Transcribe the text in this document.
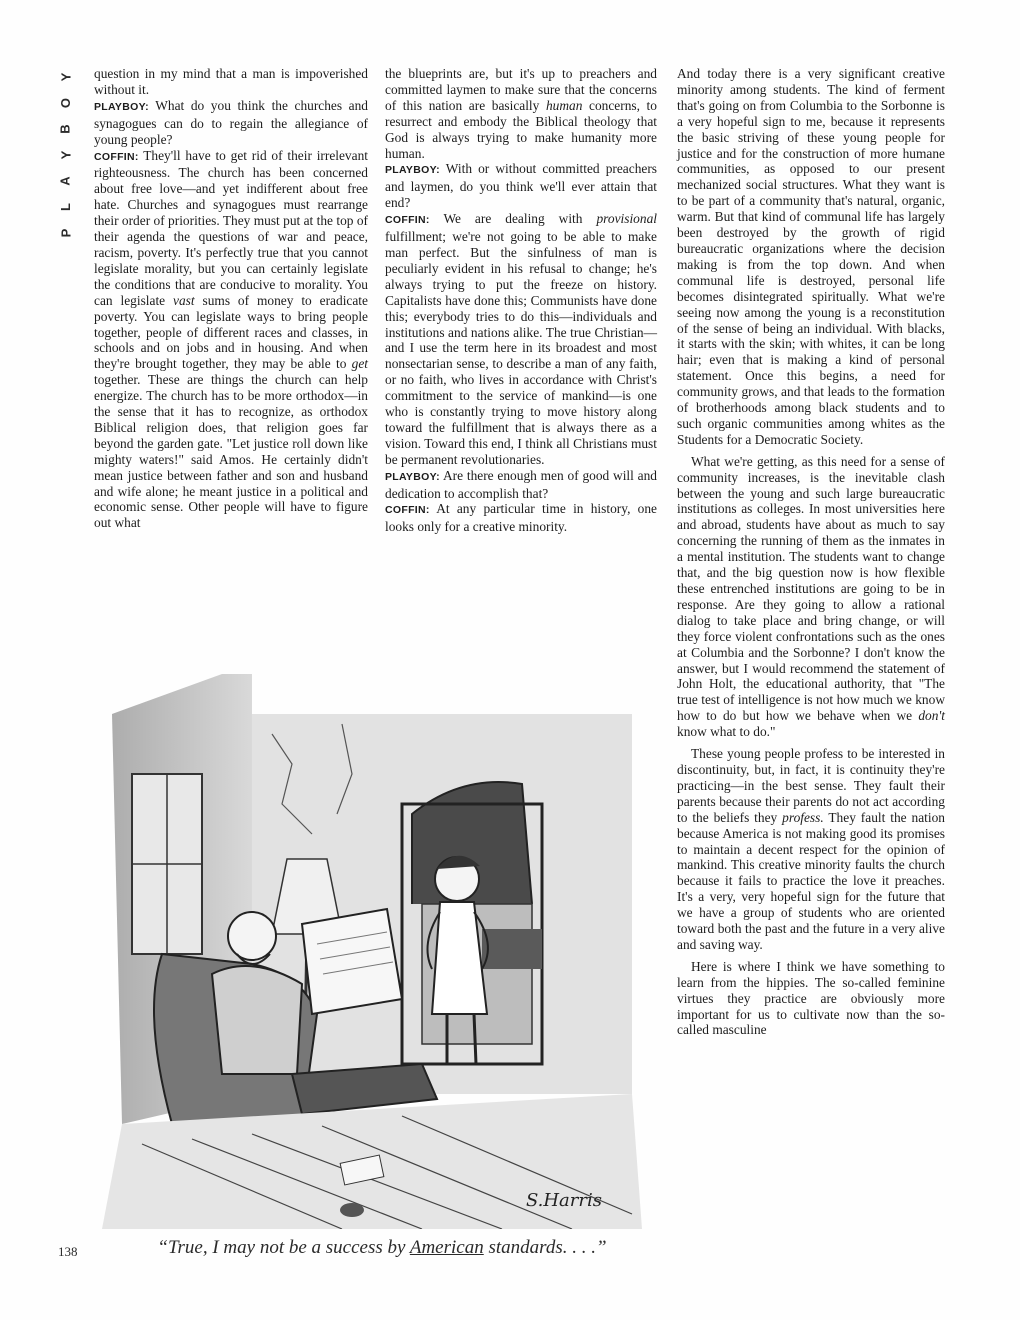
Y
O
B
Y
A
L
P

question in my mind that a man is impoverished without it.

PLAYBOY: What do you think the churches and synagogues can do to regain the allegiance of young people?

COFFIN: They'll have to get rid of their irrelevant righteousness. The church has been concerned about free love—and yet indifferent about free hate. Churches and synagogues must rearrange their order of priorities. They must put at the top of their agenda the questions of war and peace, racism, poverty. It's perfectly true that you cannot legislate morality, but you can certainly legislate the conditions that are conducive to morality. You can legislate vast sums of money to eradicate poverty. You can legislate ways to bring people together, people of different races and classes, in schools and on jobs and in housing. And when they're brought together, they may be able to get together. These are things the church can help energize. The church has to be more orthodox—in the sense that it has to recognize, as orthodox Biblical religion does, that religion goes far beyond the garden gate. "Let justice roll down like mighty waters!" said Amos. He certainly didn't mean justice between father and son and husband and wife alone; he meant justice in a political and economic sense. Other people will have to figure out what

the blueprints are, but it's up to preachers and committed laymen to make sure that the concerns of this nation are basically human concerns, to resurrect and embody the Biblical theology that God is always trying to make humanity more human.

PLAYBOY: With or without committed preachers and laymen, do you think we'll ever attain that end?

COFFIN: We are dealing with provisional fulfillment; we're not going to be able to make man perfect. But the sinfulness of man is peculiarly evident in his refusal to change; he's always trying to put the freeze on history. Capitalists have done this; Communists have done this; everybody tries to do this—individuals and institutions and nations alike. The true Christian—and I use the term here in its broadest and most nonsectarian sense, to describe a man of any faith, or no faith, who lives in accordance with Christ's commitment to the service of mankind—is one who is constantly trying to move history along toward the fulfillment that is always there as a vision. Toward this end, I think all Christians must be permanent revolutionaries.

PLAYBOY: Are there enough men of good will and dedication to accomplish that?

COFFIN: At any particular time in history, one looks only for a creative minority.

And today there is a very significant creative minority among students. The kind of ferment that's going on from Columbia to the Sorbonne is a very hopeful sign to me, because it represents the basic striving of these young people for justice and for the construction of more humane communities, as opposed to our present mechanized social structures. What they want is to be part of a community that's natural, organic, warm. But that kind of communal life has largely been destroyed by the growth of rigid bureaucratic organizations where the decision making is from the top down. And when communal life is destroyed, personal life becomes disintegrated spiritually. What we're seeing now among the young is a reconstitution of the sense of being an individual. With blacks, it starts with the skin; with whites, it can be long hair; even that is making a kind of personal statement. Once this begins, a need for community grows, and that leads to the formation of brotherhoods among black students and to such organic communities among whites as the Students for a Democratic Society.

What we're getting, as this need for a sense of community increases, is the inevitable clash between the young and such large bureaucratic institutions as colleges. In most universities here and abroad, students have about as much to say concerning the running of them as the inmates in a mental institution. The students want to change that, and the big question now is how flexible these entrenched institutions are going to be in response. Are they going to allow a rational dialog to take place and bring change, or will they force violent confrontations such as the ones at Columbia and the Sorbonne? I don't know the answer, but I would recommend the statement of John Holt, the educational authority, that "The true test of intelligence is not how much we know how to do but how we behave when we don't know what to do."

These young people profess to be interested in discontinuity, but, in fact, it is continuity they're practicing—in the best sense. They fault their parents because their parents do not act according to the beliefs they profess. They fault the nation because America is not making good its promises to maintain a decent respect for the opinion of mankind. This creative minority faults the church because it fails to practice the love it preaches. It's a very, very hopeful sign for the future that we have a group of students who are oriented toward both the past and the future in a very alive and saving way.

Here is where I think we have something to learn from the hippies. The so-called feminine virtues they practice are obviously more important for us to cultivate now than the so-called masculine

S.Harris
“True, I may not be a success by American standards. . . .”
138
